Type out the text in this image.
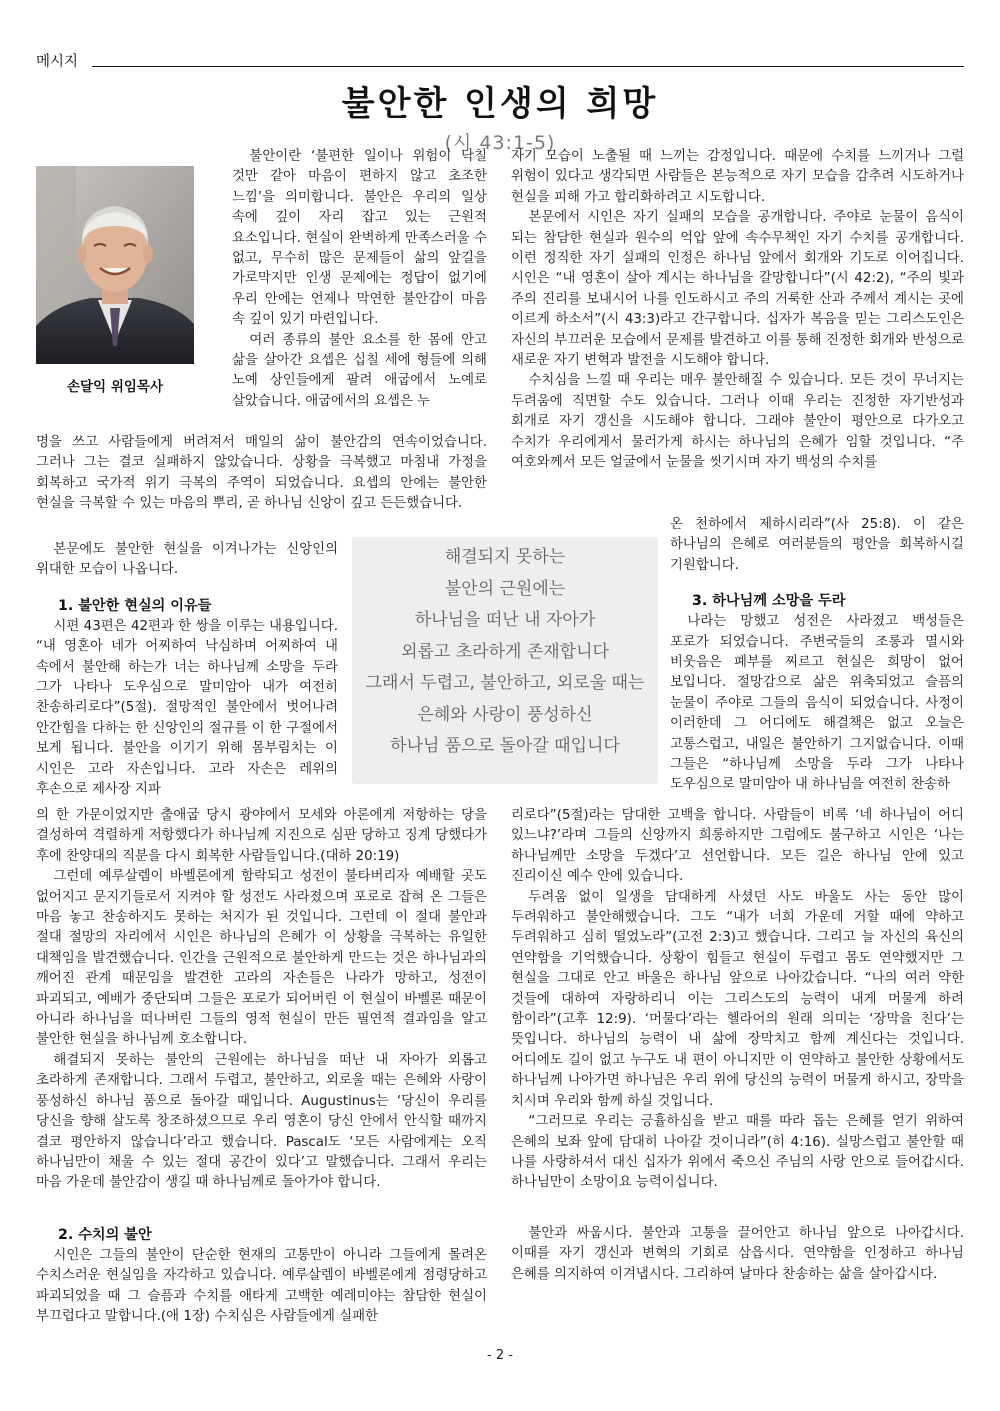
메시지
불안한 인생의 희망
(시 43:1-5)
손달익 위임목사

불안이란 ‘불편한 일이나 위험이 닥칠 것만 같아 마음이 편하지 않고 초조한 느낌’을 의미합니다. 불안은 우리의 일상 속에 깊이 자리 잡고 있는 근원적 요소입니다. 현실이 완벽하게 만족스러울 수 없고, 무수히 많은 문제들이 삶의 앞길을 가로막지만 인생 문제에는 정답이 없기에 우리 안에는 언제나 막연한 불안감이 마음 속 깊이 있기 마련입니다.

여러 종류의 불안 요소를 한 몸에 안고 삶을 살아간 요셉은 십칠 세에 형들에 의해 노예 상인들에게 팔려 애굽에서 노예로 살았습니다. 애굽에서의 요셉은 누

명을 쓰고 사람들에게 버려져서 매일의 삶이 불안감의 연속이었습니다. 그러나 그는 결코 실패하지 않았습니다. 상황을 극복했고 마침내 가정을 회복하고 국가적 위기 극복의 주역이 되었습니다. 요셉의 안에는 불안한 현실을 극복할 수 있는 마음의 뿌리, 곧 하나님 신앙이 깊고 든든했습니다.

본문에도 불안한 현실을 이겨나가는 신앙인의 위대한 모습이 나옵니다.

1. 불안한 현실의 이유들

시편 43편은 42편과 한 쌍을 이루는 내용입니다. “내 영혼아 네가 어찌하여 낙심하며 어찌하여 내 속에서 불안해 하는가 너는 하나님께 소망을 두라 그가 나타나 도우심으로 말미암아 내가 여전히 찬송하리로다”(5절). 절망적인 불안에서 벗어나려 안간힘을 다하는 한 신앙인의 절규를 이 한 구절에서 보게 됩니다. 불안을 이기기 위해 몸부림치는 이 시인은 고라 자손입니다. 고라 자손은 레위의 후손으로 제사장 지파

해결되지 못하는
불안의 근원에는
하나님을 떠난 내 자아가
외롭고 초라하게 존재합니다
그래서 두렵고, 불안하고, 외로울 때는
은혜와 사랑이 풍성하신
하나님 품으로 돌아갈 때입니다

의 한 가문이었지만 출애굽 당시 광야에서 모세와 아론에게 저항하는 당을 결성하여 격렬하게 저항했다가 하나님께 지진으로 심판 당하고 징계 당했다가 후에 찬양대의 직분을 다시 회복한 사람들입니다.(대하 20:19)

그런데 예루살렘이 바벨론에게 함락되고 성전이 불타버리자 예배할 곳도 없어지고 문지기들로서 지켜야 할 성전도 사라졌으며 포로로 잡혀 온 그들은 마음 놓고 찬송하지도 못하는 처지가 된 것입니다. 그런데 이 절대 불안과 절대 절망의 자리에서 시인은 하나님의 은혜가 이 상황을 극복하는 유일한 대책임을 발견했습니다. 인간을 근원적으로 불안하게 만드는 것은 하나님과의 깨어진 관계 때문임을 발견한 고라의 자손들은 나라가 망하고, 성전이 파괴되고, 예배가 중단되며 그들은 포로가 되어버린 이 현실이 바벨론 때문이 아니라 하나님을 떠나버린 그들의 영적 현실이 만든 필연적 결과임을 알고 불안한 현실을 하나님께 호소합니다.

해결되지 못하는 불안의 근원에는 하나님을 떠난 내 자아가 외롭고 초라하게 존재합니다. 그래서 두렵고, 불안하고, 외로울 때는 은혜와 사랑이 풍성하신 하나님 품으로 돌아갈 때입니다. Augustinus는 ‘당신이 우리를 당신을 향해 살도록 창조하셨으므로 우리 영혼이 당신 안에서 안식할 때까지 결코 평안하지 않습니다’라고 했습니다. Pascal도 ‘모든 사람에게는 오직 하나님만이 채울 수 있는 절대 공간이 있다’고 말했습니다. 그래서 우리는 마음 가운데 불안감이 생길 때 하나님께로 돌아가야 합니다.

2. 수치의 불안

시인은 그들의 불안이 단순한 현재의 고통만이 아니라 그들에게 몰려온 수치스러운 현실임을 자각하고 있습니다. 예루살렘이 바벨론에게 점령당하고 파괴되었을 때 그 슬픔과 수치를 애타게 고백한 예레미야는 참담한 현실이 부끄럽다고 말합니다.(애 1장) 수치심은 사람들에게 실패한

자기 모습이 노출될 때 느끼는 감정입니다. 때문에 수치를 느끼거나 그럴 위험이 있다고 생각되면 사람들은 본능적으로 자기 모습을 감추려 시도하거나 현실을 피해 가고 합리화하려고 시도합니다.

본문에서 시인은 자기 실패의 모습을 공개합니다. 주야로 눈물이 음식이 되는 참담한 현실과 원수의 억압 앞에 속수무책인 자기 수치를 공개합니다. 이런 정직한 자기 실패의 인정은 하나님 앞에서 회개와 기도로 이어집니다. 시인은 “내 영혼이 살아 계시는 하나님을 갈망합니다”(시 42:2), “주의 빛과 주의 진리를 보내시어 나를 인도하시고 주의 거룩한 산과 주께서 계시는 곳에 이르게 하소서”(시 43:3)라고 간구합니다. 십자가 복음을 믿는 그리스도인은 자신의 부끄러운 모습에서 문제를 발견하고 이를 통해 진정한 회개와 반성으로 새로운 자기 변혁과 발전을 시도해야 합니다.

수치심을 느낄 때 우리는 매우 불안해질 수 있습니다. 모든 것이 무너지는 두려움에 직면할 수도 있습니다. 그러나 이때 우리는 진정한 자기반성과 회개로 자기 갱신을 시도해야 합니다. 그래야 불안이 평안으로 다가오고 수치가 우리에게서 물러가게 하시는 하나님의 은혜가 임할 것입니다. “주 여호와께서 모든 얼굴에서 눈물을 씻기시며 자기 백성의 수치를

온 천하에서 제하시리라”(사 25:8). 이 같은 하나님의 은혜로 여러분들의 평안을 회복하시길 기원합니다.

3. 하나님께 소망을 두라

나라는 망했고 성전은 사라졌고 백성들은 포로가 되었습니다. 주변국들의 조롱과 멸시와 비웃음은 폐부를 찌르고 현실은 희망이 없어 보입니다. 절망감으로 삶은 위축되었고 슬픔의 눈물이 주야로 그들의 음식이 되었습니다. 사정이 이러한데 그 어디에도 해결책은 없고 오늘은 고통스럽고, 내일은 불안하기 그지없습니다. 이때 그들은 “하나님께 소망을 두라 그가 나타나 도우심으로 말미암아 내 하나님을 여전히 찬송하

리로다”(5절)라는 담대한 고백을 합니다. 사람들이 비록 ‘네 하나님이 어디 있느냐?’라며 그들의 신앙까지 희롱하지만 그럼에도 불구하고 시인은 ‘나는 하나님께만 소망을 두겠다’고 선언합니다. 모든 길은 하나님 안에 있고 진리이신 예수 안에 있습니다.

두려움 없이 일생을 담대하게 사셨던 사도 바울도 사는 동안 많이 두려워하고 불안해했습니다. 그도 “내가 너희 가운데 거할 때에 약하고 두려워하고 심히 떨었노라”(고전 2:3)고 했습니다. 그리고 늘 자신의 육신의 연약함을 기억했습니다. 상황이 힘들고 현실이 두렵고 몸도 연약했지만 그 현실을 그대로 안고 바울은 하나님 앞으로 나아갔습니다. “나의 여러 약한 것들에 대하여 자랑하리니 이는 그리스도의 능력이 내게 머물게 하려 함이라”(고후 12:9). ‘머물다’라는 헬라어의 원래 의미는 ‘장막을 친다’는 뜻입니다. 하나님의 능력이 내 삶에 장막치고 함께 계신다는 것입니다. 어디에도 길이 없고 누구도 내 편이 아니지만 이 연약하고 불안한 상황에서도 하나님께 나아가면 하나님은 우리 위에 당신의 능력이 머물게 하시고, 장막을 치시며 우리와 함께 하실 것입니다.

“그러므로 우리는 긍휼하심을 받고 때를 따라 돕는 은혜를 얻기 위하여 은혜의 보좌 앞에 담대히 나아갈 것이니라”(히 4:16). 실망스럽고 불안할 때 나를 사랑하셔서 대신 십자가 위에서 죽으신 주님의 사랑 안으로 들어갑시다. 하나님만이 소망이요 능력이십니다.

불안과 싸웁시다. 불안과 고통을 끌어안고 하나님 앞으로 나아갑시다. 이때를 자기 갱신과 변혁의 기회로 삼읍시다. 연약함을 인정하고 하나님 은혜를 의지하여 이겨냅시다. 그리하여 날마다 찬송하는 삶을 살아갑시다.

- 2 -
